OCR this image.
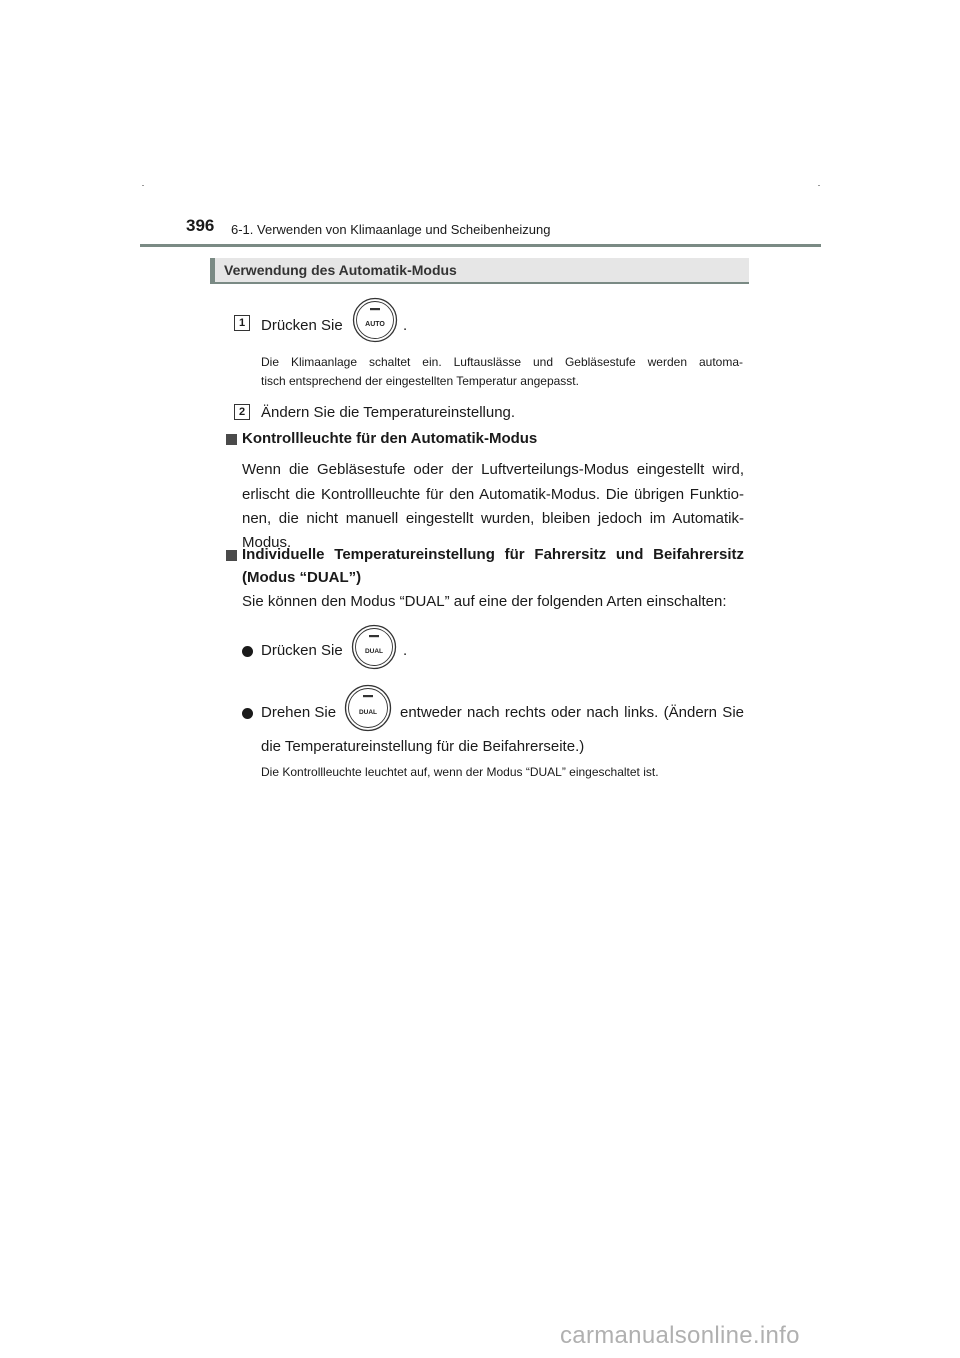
396 6-1. Verwenden von Klimaanlage und Scheibenheizung
Verwendung des Automatik-Modus
1	Drücken Sie	AUTO .
Die Klimaanlage schaltet ein. Luftauslässe und Gebläsestufe werden automa-
tisch entsprechend der eingestellten Temperatur angepasst.
2	Ändern Sie die Temperatureinstellung.
Kontrollleuchte für den Automatik-Modus
Wenn die Gebläsestufe oder der Luftverteilungs-Modus eingestellt wird,
erlischt die Kontrollleuchte für den Automatik-Modus. Die übrigen Funktio-
nen, die nicht manuell eingestellt wurden, bleiben jedoch im Automatik-
Modus.
Individuelle Temperatureinstellung für Fahrersitz und Beifahrersitz
(Modus “DUAL”)
Sie können den Modus “DUAL” auf eine der folgenden Arten einschalten:
Drücken Sie	DUAL .
Drehen Sie	DUAL entweder nach rechts oder nach links. (Ändern Sie
die Temperatureinstellung für die Beifahrerseite.)
Die Kontrollleuchte leuchtet auf, wenn der Modus “DUAL” eingeschaltet ist.
carmanualsonline.info
